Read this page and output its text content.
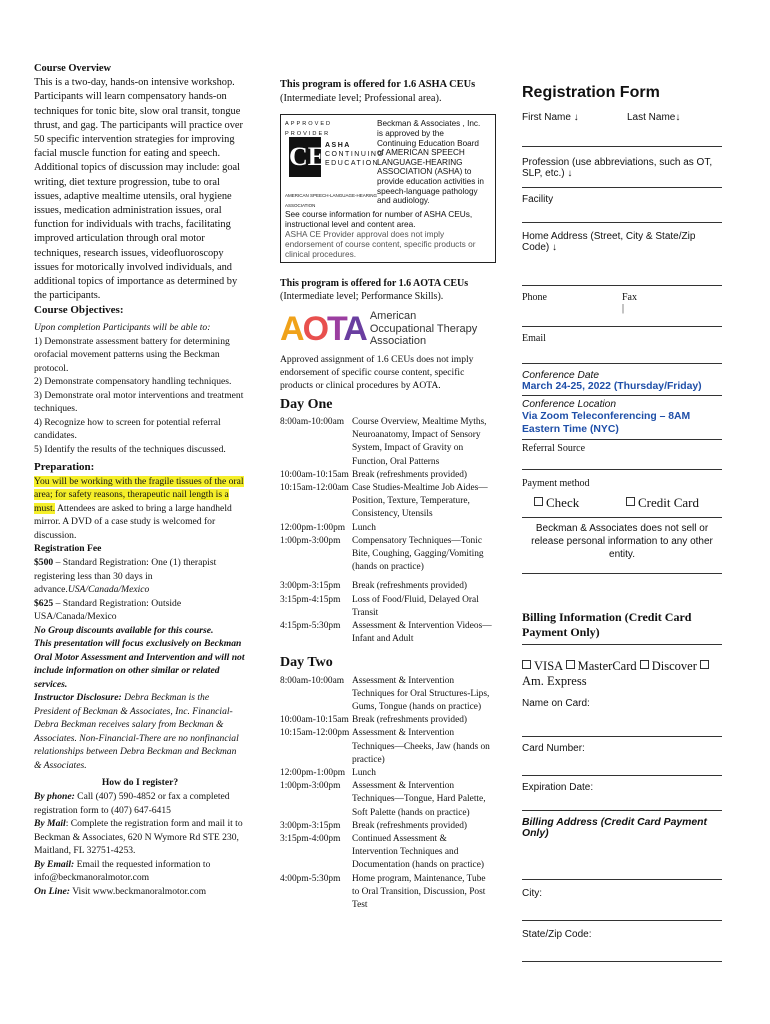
Course Overview

This is a two-day, hands-on intensive workshop. Participants will learn compensatory hands-on techniques for tonic bite, slow oral transit, tongue thrust, and gag. The participants will practice over 50 specific intervention strategies for improving facial muscle function for eating and speech. Additional topics of discussion may include: goal writing, diet texture progression, tube to oral issues, adaptive mealtime utensils, oral hygiene issues, medication administration issues, oral function for individuals with trachs, facilitating improved articulation through oral motor techniques, research issues, videofluoroscopy issues for motorically involved individuals, and additional topics of importance as determined by the participants.

Course Objectives:

Upon completion Participants will be able to:

1) Demonstrate assessment battery for determining orofacial movement patterns using the Beckman protocol.

2) Demonstrate compensatory handling techniques.

3) Demonstrate oral motor interventions and treatment techniques.

4) Recognize how to screen for potential referral candidates.

5) Identify the results of the techniques discussed.

Preparation:

You will be working with the fragile tissues of the oral area; for safety reasons, therapeutic nail length is a must. Attendees are asked to bring a large handheld mirror. A DVD of a case study is welcomed for discussion.

Registration Fee

$500 – Standard Registration: One (1) therapist registering less than 30 days in advance.USA/Canada/Mexico

$625 – Standard Registration: Outside USA/Canada/Mexico

No Group discounts available for this course.

This presentation will focus exclusively on Beckman Oral Motor Assessment and Intervention and will not include information on other similar or related services.

Instructor Disclosure: Debra Beckman is the President of Beckman & Associates, Inc. Financial- Debra Beckman receives salary from Beckman & Associates. Non-Financial-There are no nonfinancial relationships between Debra Beckman and Beckman & Associates.

How do I register?

By phone: Call (407) 590-4852 or fax a completed registration form to (407) 647-6415

By Mail: Complete the registration form and mail it to Beckman & Associates, 620 N Wymore Rd STE 230, Maitland, FL 32751-4253.

By Email: Email the requested information to info@beckmanoralmotor.com

On Line: Visit www.beckmanoralmotor.com

This program is offered for 1.6 ASHA CEUs

(Intermediate level; Professional area).

APPROVED PROVIDER
CE ASHA
CONTINUING
EDUCATION
AMERICAN SPEECH-LANGUAGE-HEARING ASSOCIATION
Beckman & Associates , Inc. is approved by the Continuing Education Board of AMERICAN SPEECH LANGUAGE-HEARING ASSOCIATION (ASHA) to provide education activities in speech-language pathology and audiology.

See course information for number of ASHA CEUs, instructional level and content area.

ASHA CE Provider approval does not imply endorsement of course content, specific products or clinical procedures.

This program is offered for 1.6 AOTA CEUs (Intermediate level; Performance Skills).

AOTA American
Occupational Therapy
Association

Approved assignment of 1.6 CEUs does not imply endorsement of specific course content, specific products or clinical procedures by AOTA.

Day One

8:00am-10:00am Course Overview, Mealtime Myths, Neuroanatomy, Impact of Sensory System, Impact of Gravity on Function, Oral Patterns
10:00am-10:15am Break (refreshments provided)
10:15am-12:00am Case Studies-Mealtime Job Aides—Position, Texture, Temperature, Consistency, Utensils
12:00pm-1:00pm Lunch
1:00pm-3:00pm	Compensatory Techniques—Tonic Bite, Coughing, Gagging/Vomiting (hands on practice)
3:00pm-3:15pm	Break (refreshments provided)
3:15pm-4:15pm	Loss of Food/Fluid, Delayed Oral Transit
4:15pm-5:30pm	Assessment & Intervention Videos—Infant and Adult

Day Two

8:00am-10:00am Assessment & Intervention Techniques for Oral Structures-Lips, Gums, Tongue (hands on practice)
10:00am-10:15am Break (refreshments provided)
10:15am-12:00pm Assessment & Intervention Techniques—Cheeks, Jaw (hands on practice)
12:00pm-1:00pm Lunch
1:00pm-3:00pm	Assessment & Intervention Techniques—Tongue, Hard Palette, Soft Palette (hands on practice)
3:00pm-3:15pm	Break (refreshments provided)
3:15pm-4:00pm	Continued Assessment & Intervention Techniques and Documentation (hands on practice)
4:00pm-5:30pm	Home program, Maintenance, Tube to Oral Transition, Discussion, Post Test
Registration Form
First Name ↓	Last Name↓
Profession (use abbreviations, such as OT, SLP, etc.) ↓
Facility
Home Address (Street, City & State/Zip Code) ↓
Phone	Fax
|
Email
Conference Date
March 24-25, 2022 (Thursday/Friday)
Conference Location
Via Zoom Teleconferencing – 8AM Eastern Time (NYC)
Referral Source
Payment method
Check	Credit Card
Beckman & Associates does not sell or release personal information to any other entity.
Billing Information (Credit Card Payment Only)
VISA MasterCard Discover Am. Express
Name on Card:
Card Number:
Expiration Date:
Billing Address (Credit Card Payment Only)
City:
State/Zip Code:
